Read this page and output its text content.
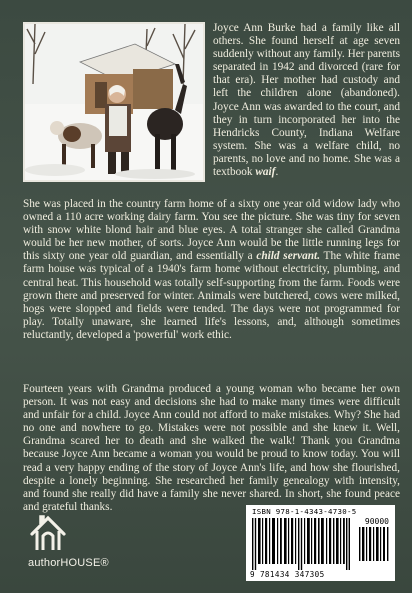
Joyce Ann Burke had a family like all others. She found herself at age seven suddenly without any family. Her parents separated in 1942 and divorced (rare for that era). Her mother had custody and left the children alone (abandoned). Joyce Ann was awarded to the court, and they in turn incorporated her into the Hendricks County, Indiana Welfare system. She was a welfare child, no parents, no love and no home. She was a textbook waif.

She was placed in the country farm home of a sixty one year old widow lady who owned a 110 acre working dairy farm. You see the picture. She was tiny for seven with snow white blond hair and blue eyes. A total stranger she called Grandma would be her new mother, of sorts. Joyce Ann would be the little running legs for this sixty one year old guardian, and essentially a child servant. The white frame farm house was typical of a 1940's farm home without electricity, plumbing, and central heat. This household was totally self-supporting from the farm. Foods were grown there and preserved for winter. Animals were butchered, cows were milked, hogs were slopped and fields were tended. The days were not programmed for play. Totally unaware, she learned life's lessons, and, although sometimes reluctantly, developed a 'powerful' work ethic.

Fourteen years with Grandma produced a young woman who became her own person. It was not easy and decisions she had to make many times were difficult and unfair for a child. Joyce Ann could not afford to make mistakes. Why? She had no one and nowhere to go. Mistakes were not possible and she knew it. Well, Grandma scared her to death and she walked the walk! Thank you Grandma because Joyce Ann became a woman you would be proud to know today. You will read a very happy ending of the story of Joyce Ann's life, and how she flourished, despite a lonely beginning. She researched her family genealogy with intensity, and found she really did have a family she never shared. In short, she found peace and grateful thanks.

authorHOUSE®
ISBN 978-1-4343-4730-5
90000
9 781434 347305
